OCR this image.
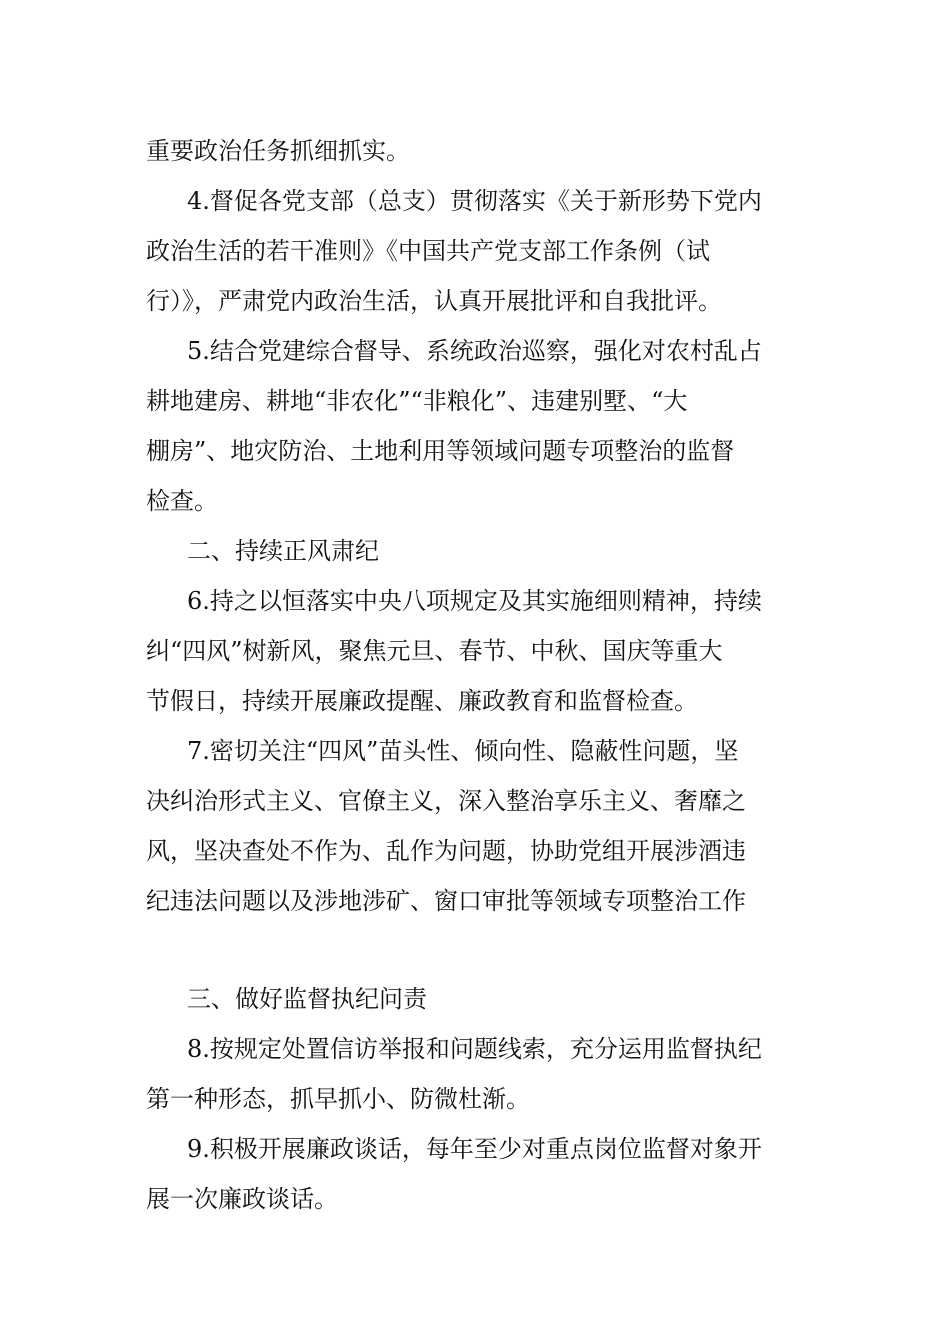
重要政治任务抓细抓实。
4.督促各党支部（总支）贯彻落实《关于新形势下党内
政治生活的若干准则》《中国共产党支部工作条例（试
行）》，严肃党内政治生活，认真开展批评和自我批评。
5.结合党建综合督导、系统政治巡察，强化对农村乱占
耕地建房、耕地“非农化”“非粮化”、违建别墅、“大
棚房”、地灾防治、土地利用等领域问题专项整治的监督
检查。
二、持续正风肃纪
6.持之以恒落实中央八项规定及其实施细则精神，持续
纠“四风”树新风，聚焦元旦、春节、中秋、国庆等重大
节假日，持续开展廉政提醒、廉政教育和监督检查。
7.密切关注“四风”苗头性、倾向性、隐蔽性问题，坚
决纠治形式主义、官僚主义，深入整治享乐主义、奢靡之
风，坚决查处不作为、乱作为问题，协助党组开展涉酒违
纪违法问题以及涉地涉矿、窗口审批等领域专项整治工作
三、做好监督执纪问责
8.按规定处置信访举报和问题线索，充分运用监督执纪
第一种形态，抓早抓小、防微杜渐。
9.积极开展廉政谈话，每年至少对重点岗位监督对象开
展一次廉政谈话。
